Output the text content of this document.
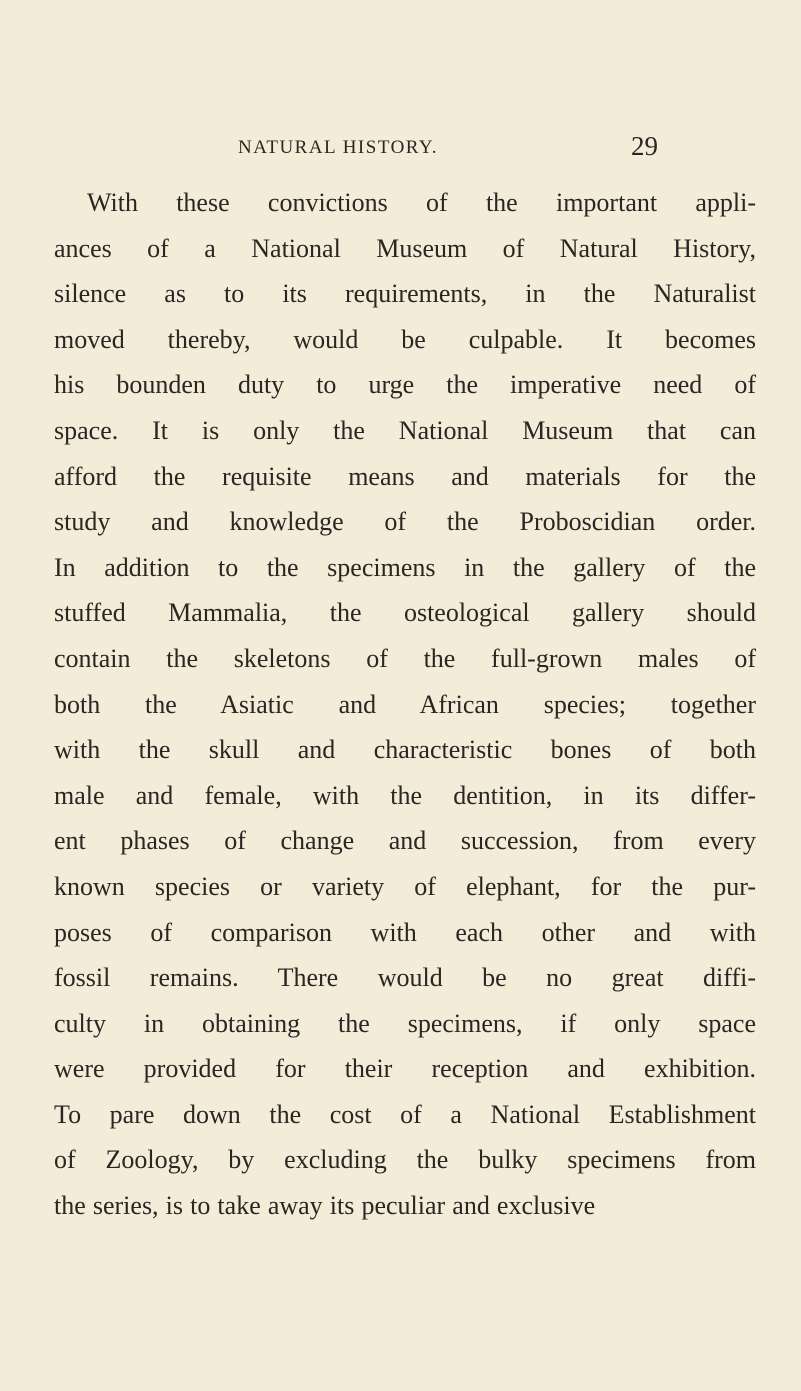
NATURAL HISTORY.	29
With these convictions of the important appli-
ances of a National Museum of Natural History,
silence as to its requirements, in the Naturalist
moved thereby, would be culpable. It becomes
his bounden duty to urge the imperative need of
space. It is only the National Museum that can
afford the requisite means and materials for the
study and knowledge of the Proboscidian order.
In addition to the specimens in the gallery of the
stuffed Mammalia, the osteological gallery should
contain the skeletons of the full-grown males of
both the Asiatic and African species; together
with the skull and characteristic bones of both
male and female, with the dentition, in its differ-
ent phases of change and succession, from every
known species or variety of elephant, for the pur-
poses of comparison with each other and with
fossil remains. There would be no great diffi-
culty in obtaining the specimens, if only space
were provided for their reception and exhibition.
To pare down the cost of a National Establishment
of Zoology, by excluding the bulky specimens from
the series, is to take away its peculiar and exclusive
